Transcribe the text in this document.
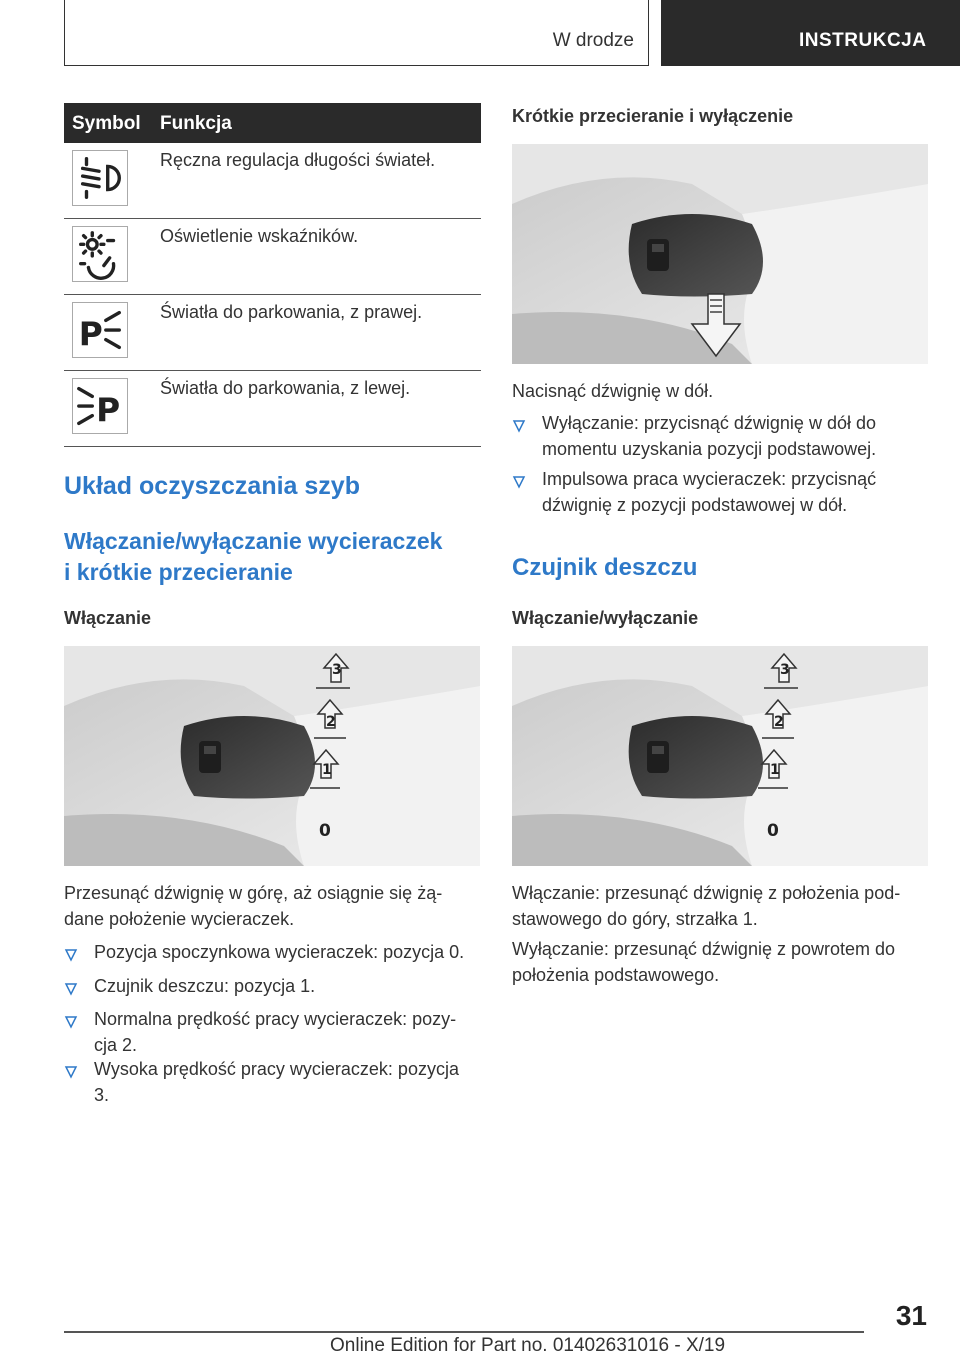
W drodze	INSTRUKCJA
Symbol Funkcja
Ręczna regulacja długości świateł.
Oświetlenie wskaźników.
P
Światła do parkowania, z prawej.
P
Światła do parkowania, z lewej.
Układ oczyszczania szyb
Włączanie/wyłączanie wycieraczek
i krótkie przecieranie
Włączanie
3
2
1
0
Przesunąć dźwignię w górę, aż osiągnie się żą-
dane położenie wycieraczek.
Pozycja spoczynkowa wycieraczek: pozycja 0.
Czujnik deszczu: pozycja 1.
Normalna prędkość pracy wycieraczek: pozy-
cja 2.
Wysoka prędkość pracy wycieraczek: pozycja
3.
Krótkie przecieranie i wyłączenie
Nacisnąć dźwignię w dół.
Wyłączanie: przycisnąć dźwignię w dół do
momentu uzyskania pozycji podstawowej.
Impulsowa praca wycieraczek: przycisnąć
dźwignię z pozycji podstawowej w dół.
Czujnik deszczu
Włączanie/wyłączanie
3
2
1
0
Włączanie: przesunąć dźwignię z położenia pod-
stawowego do góry, strzałka 1.
Wyłączanie: przesunąć dźwignię z powrotem do
położenia podstawowego.
31
Online Edition for Part no. 01402631016 - X/19
